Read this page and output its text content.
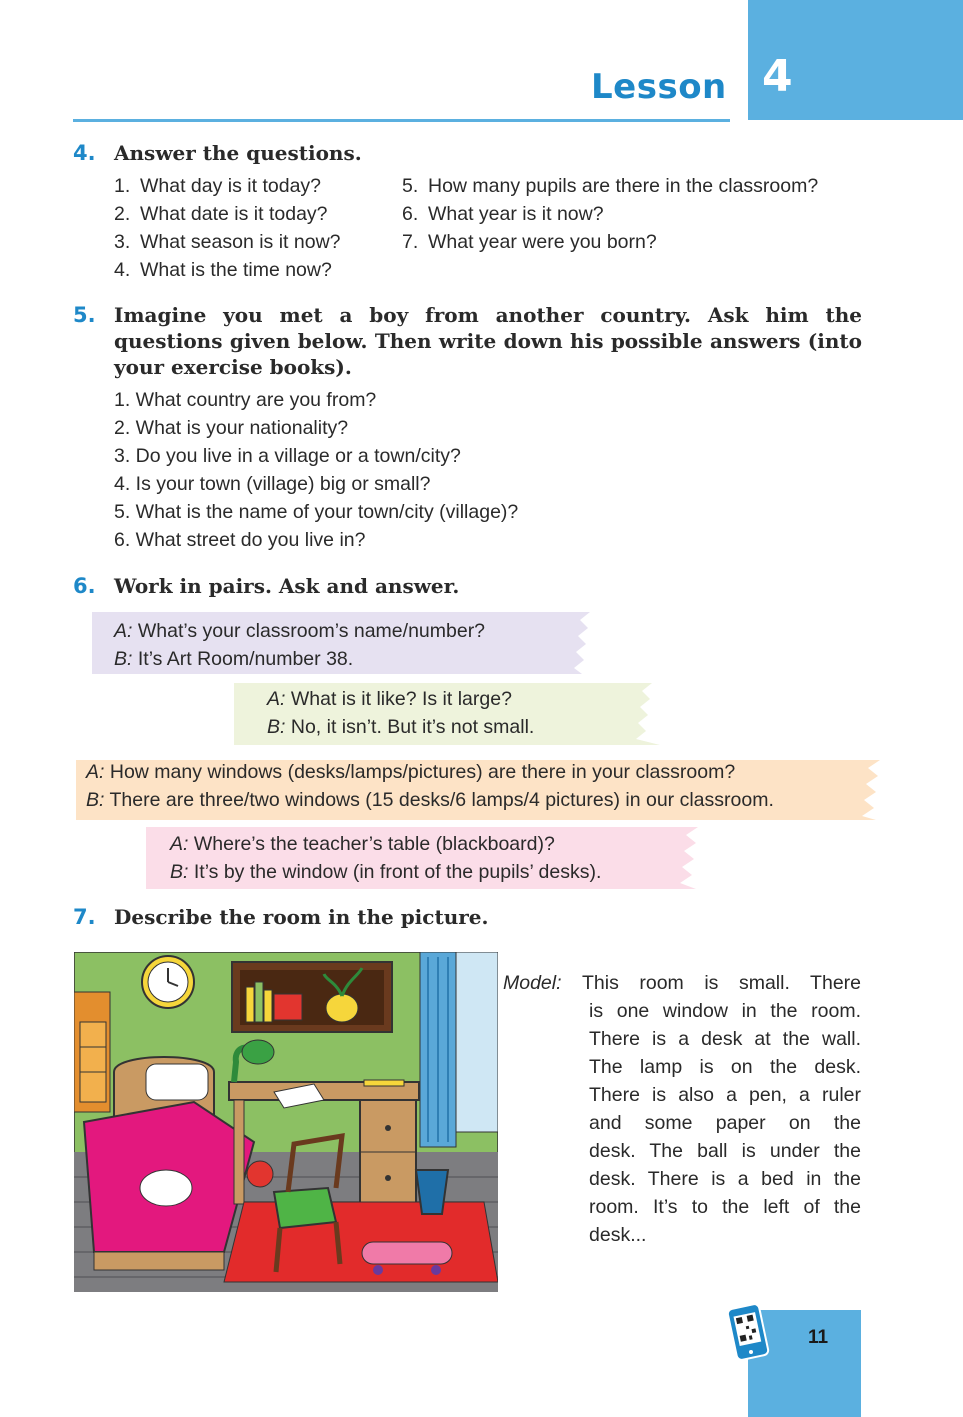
4
Lesson
4. Answer the questions.
1. What day is it today?
2. What date is it today?
3. What season is it now?
4. What is the time now?
5. How many pupils are there in the classroom?
6. What year is it now?
7. What year were you born?
5. Imagine you met a boy from another country. Ask him the
questions given below. Then write down his possible answers (into
your exercise books).
1. What country are you from?
2. What is your nationality?
3. Do you live in a village or a town/city?
4. Is your town (village) big or small?
5. What is the name of your town/city (village)?
6. What street do you live in?
6. Work in pairs. Ask and answer.
A: What’s your classroom’s name/number?
B: It’s Art Room/number 38.
A: What is it like? Is it large?
B: No, it isn’t. But it’s not small.
A: How many windows (desks/lamps/pictures) are there in your classroom?
B: There are three/two windows (15 desks/6 lamps/4 pictures) in our classroom.
A: Where’s the teacher’s table (blackboard)?
B: It’s by the window (in front of the pupils’ desks).
7. Describe the room in the picture.
Model:	This room is small. There
is one window in the room.
There is a desk at the wall.
The lamp is on the desk.
There is also a pen, a ruler
and some paper on the
desk. The ball is under the
desk. There is a bed in the
room. It’s to the left of the
desk...
11
